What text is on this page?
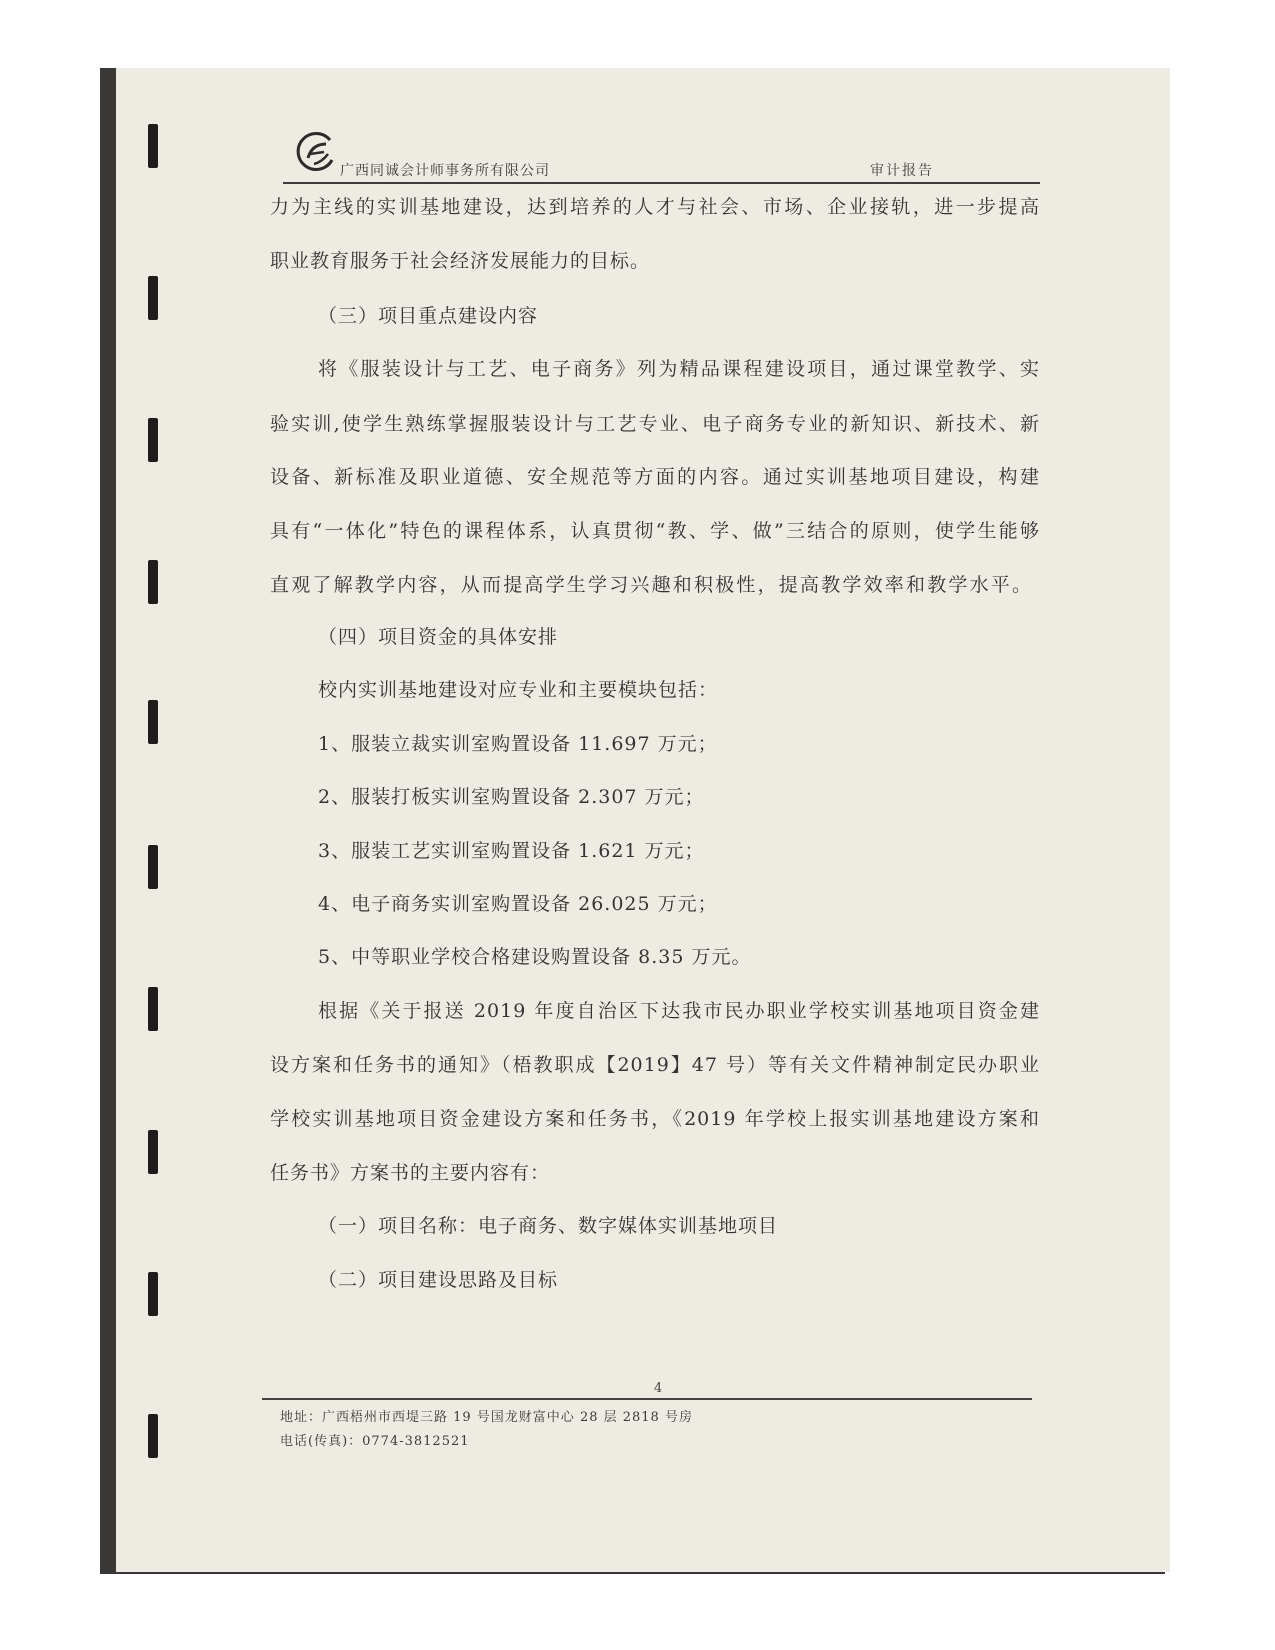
广西同诚会计师事务所有限公司	审计报告
力为主线的实训基地建设，达到培养的人才与社会、市场、企业接轨，进一步提高
职业教育服务于社会经济发展能力的目标。
（三）项目重点建设内容
将《服装设计与工艺、电子商务》列为精品课程建设项目，通过课堂教学、实
验实训,使学生熟练掌握服装设计与工艺专业、电子商务专业的新知识、新技术、新
设备、新标准及职业道德、安全规范等方面的内容。通过实训基地项目建设，构建
具有“一体化”特色的课程体系，认真贯彻“教、学、做”三结合的原则，使学生能够
直观了解教学内容，从而提高学生学习兴趣和积极性，提高教学效率和教学水平。
（四）项目资金的具体安排
校内实训基地建设对应专业和主要模块包括：
1、服装立裁实训室购置设备 11.697 万元；
2、服装打板实训室购置设备 2.307 万元；
3、服装工艺实训室购置设备 1.621 万元；
4、电子商务实训室购置设备 26.025 万元；
5、中等职业学校合格建设购置设备 8.35 万元。
根据《关于报送 2019 年度自治区下达我市民办职业学校实训基地项目资金建
设方案和任务书的通知》（梧教职成【2019】47 号）等有关文件精神制定民办职业
学校实训基地项目资金建设方案和任务书，《2019 年学校上报实训基地建设方案和
任务书》方案书的主要内容有：
（一）项目名称：电子商务、数字媒体实训基地项目
（二）项目建设思路及目标
4
地址：广西梧州市西堤三路 19 号国龙财富中心 28 层 2818 号房
电话(传真)：0774-3812521
